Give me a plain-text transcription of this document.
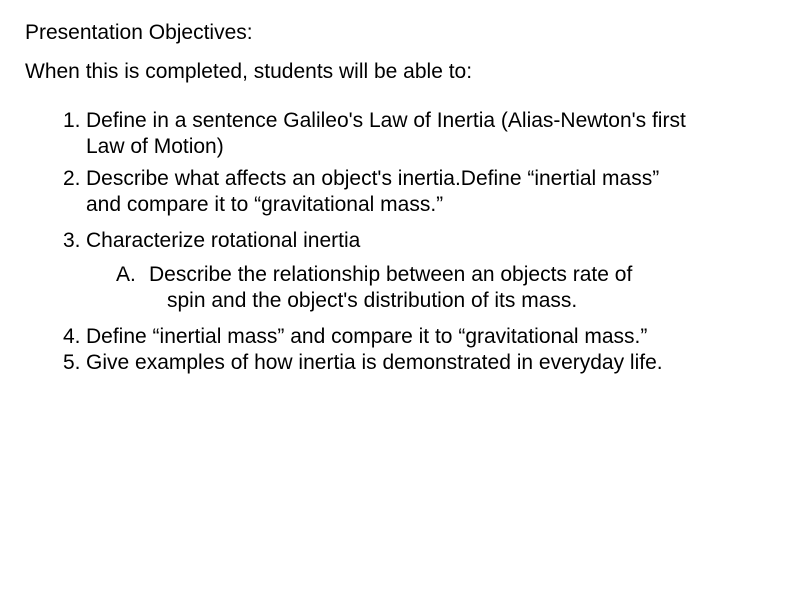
Presentation Objectives:
When this is completed, students will be able to:
1. Define in a sentence Galileo's Law of Inertia (Alias-Newton's first
Law of Motion)
2. Describe what affects an object's inertia.Define “inertial mass”
and compare it to “gravitational mass.”
3. Characterize rotational inertia
A. Describe the relationship between an objects rate of
spin and the object's distribution of its mass.
4. Define “inertial mass” and compare it to “gravitational mass.”
5. Give examples of how inertia is demonstrated in everyday life.
